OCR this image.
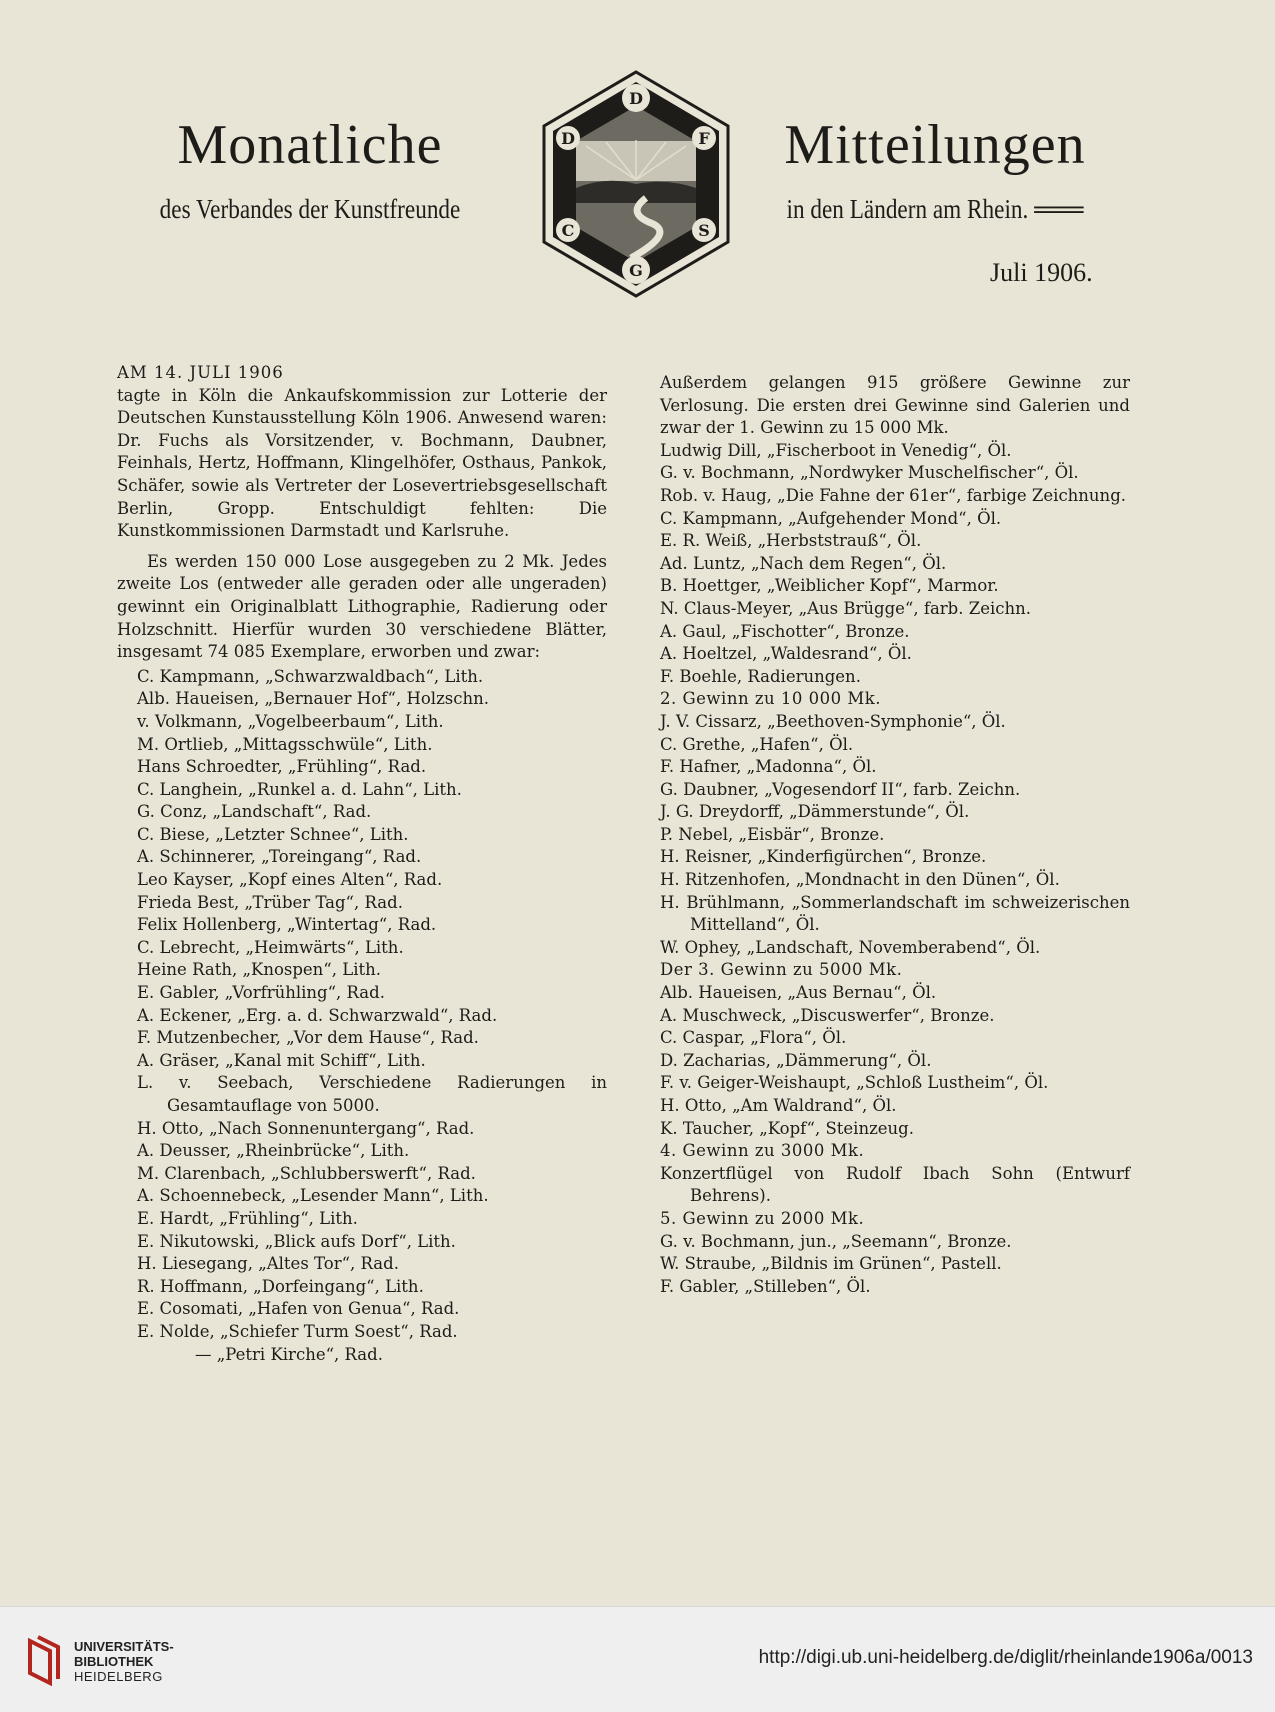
Monatliche
des Verbandes der Kunstfreunde
D
F
S
G
C
D	Mitteilungen
in den Ländern am Rhein. ═══
Juli 1906.

AM 14. JULI 1906

tagte in Köln die Ankaufskommission zur Lotterie der Deutschen Kunstausstellung Köln 1906. Anwesend waren: Dr. Fuchs als Vorsitzender, v. Bochmann, Daubner, Feinhals, Hertz, Hoffmann, Klingelhöfer, Osthaus, Pankok, Schäfer, sowie als Vertreter der Losevertriebsgesellschaft Berlin, Gropp. Entschuldigt fehlten: Die Kunstkommissionen Darmstadt und Karlsruhe.

Es werden 150 000 Lose ausgegeben zu 2 Mk. Jedes zweite Los (entweder alle geraden oder alle ungeraden) gewinnt ein Originalblatt Lithographie, Radierung oder Holzschnitt. Hierfür wurden 30 verschiedene Blätter, insgesamt 74 085 Exemplare, erworben und zwar:

C. Kampmann, „Schwarzwaldbach“, Lith.

Alb. Haueisen, „Bernauer Hof“, Holzschn.

v. Volkmann, „Vogelbeerbaum“, Lith.

M. Ortlieb, „Mittagsschwüle“, Lith.

Hans Schroedter, „Frühling“, Rad.

C. Langhein, „Runkel a. d. Lahn“, Lith.

G. Conz, „Landschaft“, Rad.

C. Biese, „Letzter Schnee“, Lith.

A. Schinnerer, „Toreingang“, Rad.

Leo Kayser, „Kopf eines Alten“, Rad.

Frieda Best, „Trüber Tag“, Rad.

Felix Hollenberg, „Wintertag“, Rad.

C. Lebrecht, „Heimwärts“, Lith.

Heine Rath, „Knospen“, Lith.

E. Gabler, „Vorfrühling“, Rad.

A. Eckener, „Erg. a. d. Schwarzwald“, Rad.

F. Mutzenbecher, „Vor dem Hause“, Rad.

A. Gräser, „Kanal mit Schiff“, Lith.

L. v. Seebach, Verschiedene Radierungen in Gesamtauflage von 5000.

H. Otto, „Nach Sonnenuntergang“, Rad.

A. Deusser, „Rheinbrücke“, Lith.

M. Clarenbach, „Schlubberswerft“, Rad.

A. Schoennebeck, „Lesender Mann“, Lith.

E. Hardt, „Frühling“, Lith.

E. Nikutowski, „Blick aufs Dorf“, Lith.

H. Liesegang, „Altes Tor“, Rad.

R. Hoffmann, „Dorfeingang“, Lith.

E. Cosomati, „Hafen von Genua“, Rad.

E. Nolde, „Schiefer Turm Soest“, Rad.

— „Petri Kirche“, Rad.

Außerdem gelangen 915 größere Gewinne zur Verlosung. Die ersten drei Gewinne sind Galerien und zwar der 1. Gewinn zu 15 000 Mk.

Ludwig Dill, „Fischerboot in Venedig“, Öl.

G. v. Bochmann, „Nordwyker Muschelfischer“, Öl.

Rob. v. Haug, „Die Fahne der 61er“, farbige Zeichnung.

C. Kampmann, „Aufgehender Mond“, Öl.

E. R. Weiß, „Herbststrauß“, Öl.

Ad. Luntz, „Nach dem Regen“, Öl.

B. Hoettger, „Weiblicher Kopf“, Marmor.

N. Claus-Meyer, „Aus Brügge“, farb. Zeichn.

A. Gaul, „Fischotter“, Bronze.

A. Hoeltzel, „Waldesrand“, Öl.

F. Boehle, Radierungen.

2. Gewinn zu 10 000 Mk.

J. V. Cissarz, „Beethoven-Symphonie“, Öl.

C. Grethe, „Hafen“, Öl.

F. Hafner, „Madonna“, Öl.

G. Daubner, „Vogesendorf II“, farb. Zeichn.

J. G. Dreydorff, „Dämmerstunde“, Öl.

P. Nebel, „Eisbär“, Bronze.

H. Reisner, „Kinderfigürchen“, Bronze.

H. Ritzenhofen, „Mondnacht in den Dünen“, Öl.

H. Brühlmann, „Sommerlandschaft im schweizerischen Mittelland“, Öl.

W. Ophey, „Landschaft, Novemberabend“, Öl.

Der 3. Gewinn zu 5000 Mk.

Alb. Haueisen, „Aus Bernau“, Öl.

A. Muschweck, „Discuswerfer“, Bronze.

C. Caspar, „Flora“, Öl.

D. Zacharias, „Dämmerung“, Öl.

F. v. Geiger-Weishaupt, „Schloß Lustheim“, Öl.

H. Otto, „Am Waldrand“, Öl.

K. Taucher, „Kopf“, Steinzeug.

4. Gewinn zu 3000 Mk.

Konzertflügel von Rudolf Ibach Sohn (Entwurf Behrens).

5. Gewinn zu 2000 Mk.

G. v. Bochmann, jun., „Seemann“, Bronze.

W. Straube, „Bildnis im Grünen“, Pastell.

F. Gabler, „Stilleben“, Öl.

UNIVERSITÄTS-
BIBLIOTHEK
HEIDELBERG
http://digi.ub.uni-heidelberg.de/diglit/rheinlande1906a/0013
